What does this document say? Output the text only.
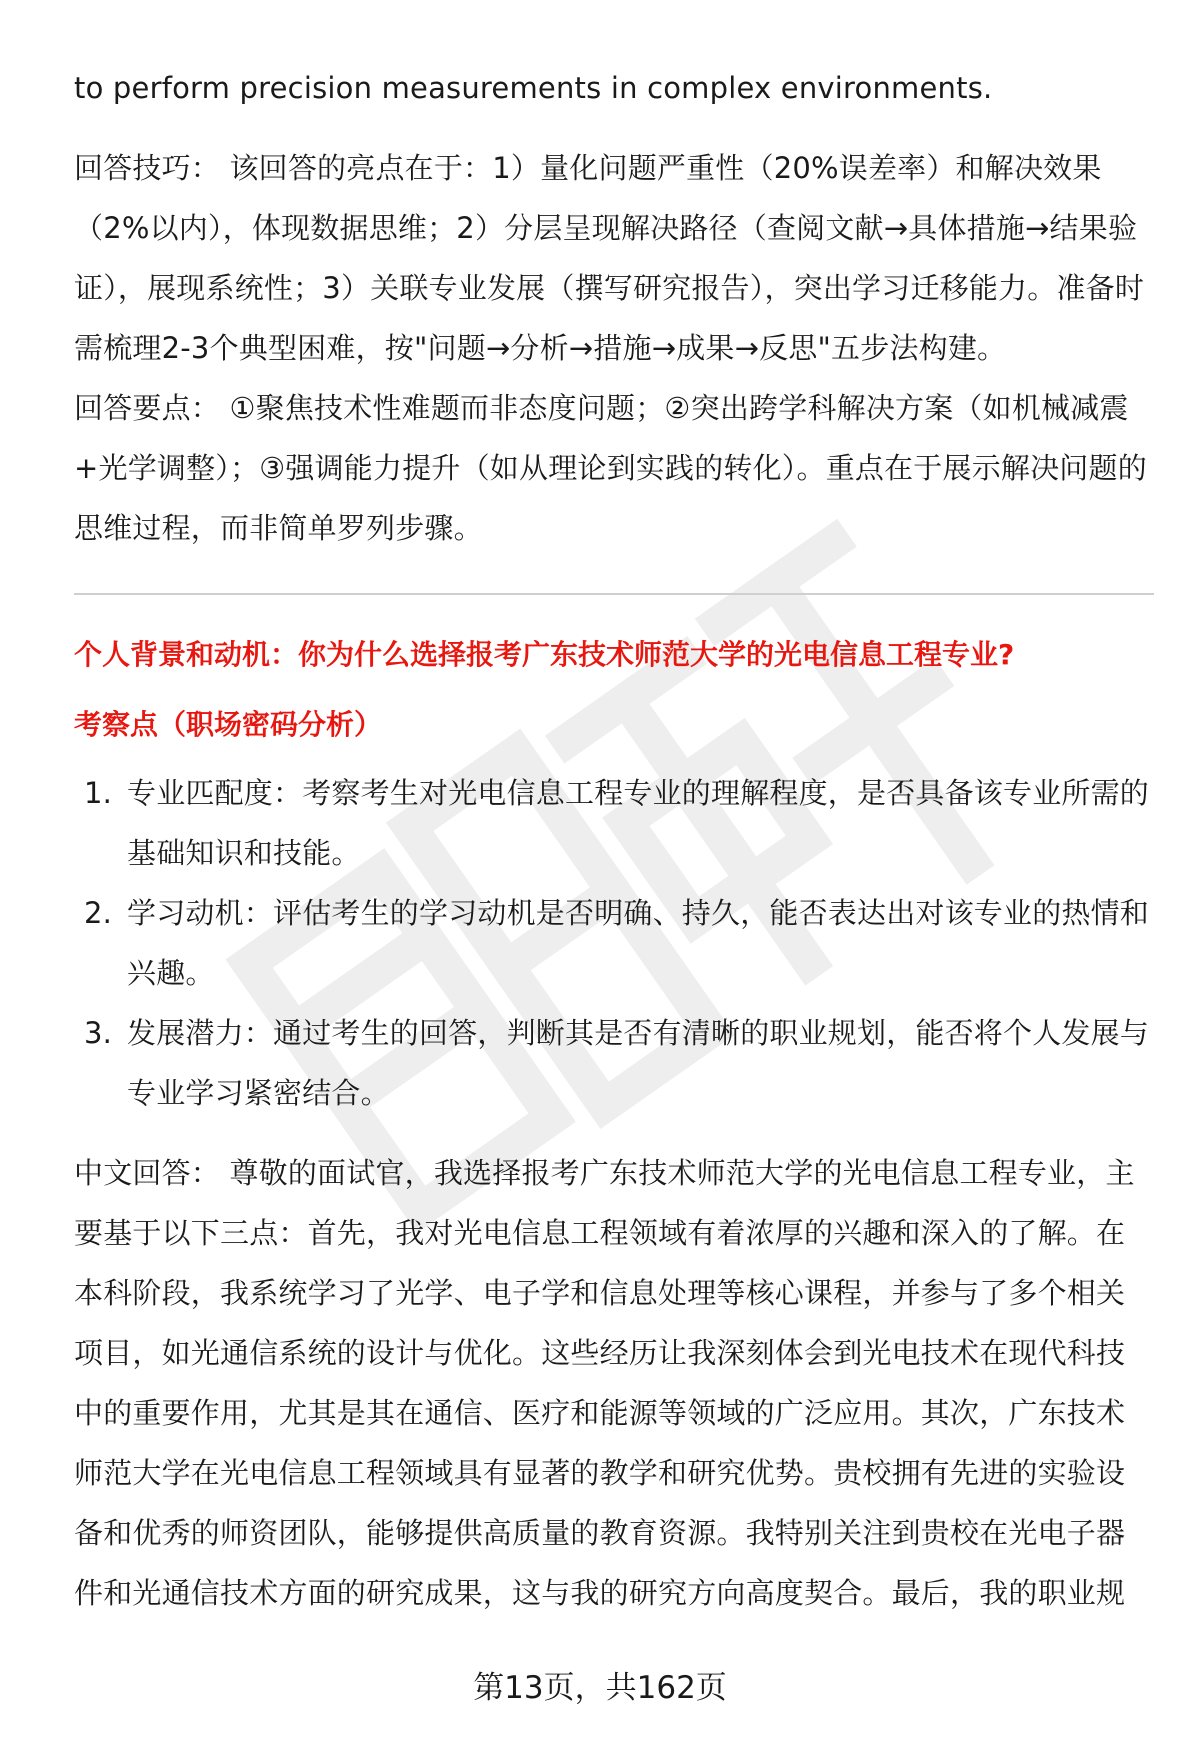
to perform precision measurements in complex environments.

回答技巧： 该回答的亮点在于：1）量化问题严重性（20%误差率）和解决效果（2%以内），体现数据思维；2）分层呈现解决路径（查阅文献→具体措施→结果验证），展现系统性；3）关联专业发展（撰写研究报告），突出学习迁移能力。准备时需梳理2-3个典型困难，按"问题→分析→措施→成果→反思"五步法构建。

回答要点： ①聚焦技术性难题而非态度问题；②突出跨学科解决方案（如机械减震+光学调整）；③强调能力提升（如从理论到实践的转化）。重点在于展示解决问题的思维过程，而非简单罗列步骤。

个人背景和动机：你为什么选择报考广东技术师范大学的光电信息工程专业?

考察点（职场密码分析）

1. 专业匹配度：考察考生对光电信息工程专业的理解程度，是否具备该专业所需的基础知识和技能。
2. 学习动机：评估考生的学习动机是否明确、持久，能否表达出对该专业的热情和兴趣。
3. 发展潜力：通过考生的回答，判断其是否有清晰的职业规划，能否将个人发展与专业学习紧密结合。

中文回答： 尊敬的面试官，我选择报考广东技术师范大学的光电信息工程专业，主要基于以下三点：首先，我对光电信息工程领域有着浓厚的兴趣和深入的了解。在本科阶段，我系统学习了光学、电子学和信息处理等核心课程，并参与了多个相关项目，如光通信系统的设计与优化。这些经历让我深刻体会到光电技术在现代科技中的重要作用，尤其是其在通信、医疗和能源等领域的广泛应用。其次，广东技术师范大学在光电信息工程领域具有显著的教学和研究优势。贵校拥有先进的实验设备和优秀的师资团队，能够提供高质量的教育资源。我特别关注到贵校在光电子器件和光通信技术方面的研究成果，这与我的研究方向高度契合。最后，我的职业规

第13页，共162页
